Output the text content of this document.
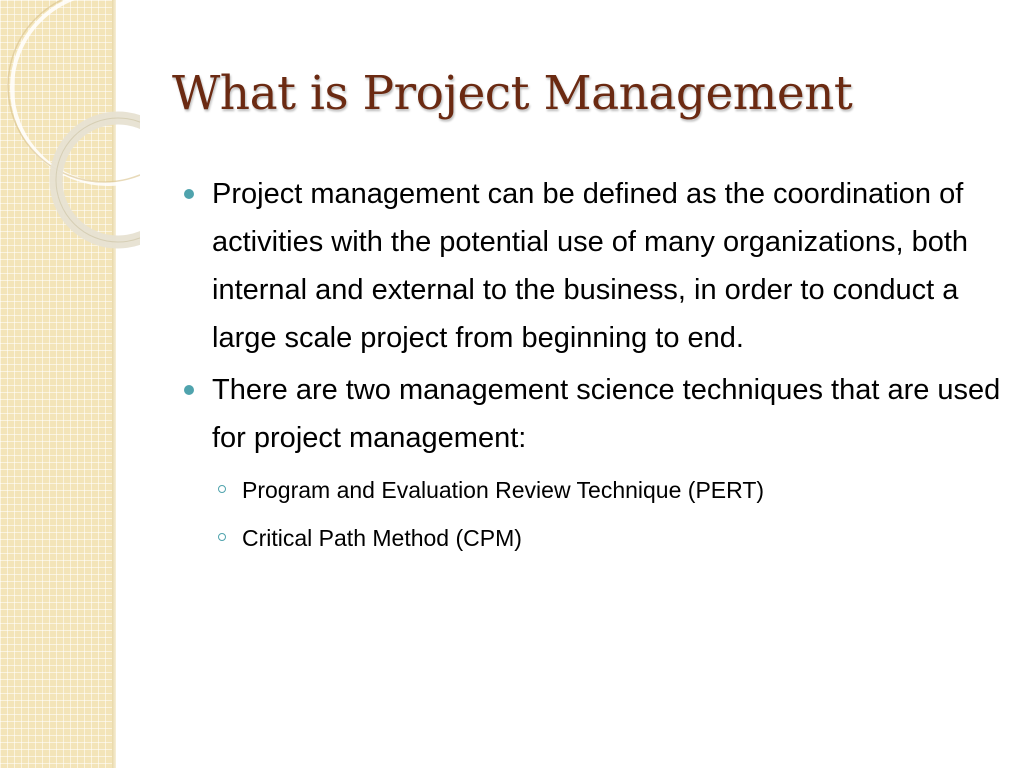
What is Project Management
Project management can be defined as the coordination of activities with the potential use of many organizations, both internal and external to the business, in order to conduct a large scale project from beginning to end.
There are two management science techniques that are used for project management:
Program and Evaluation Review Technique (PERT)
Critical Path Method (CPM)
